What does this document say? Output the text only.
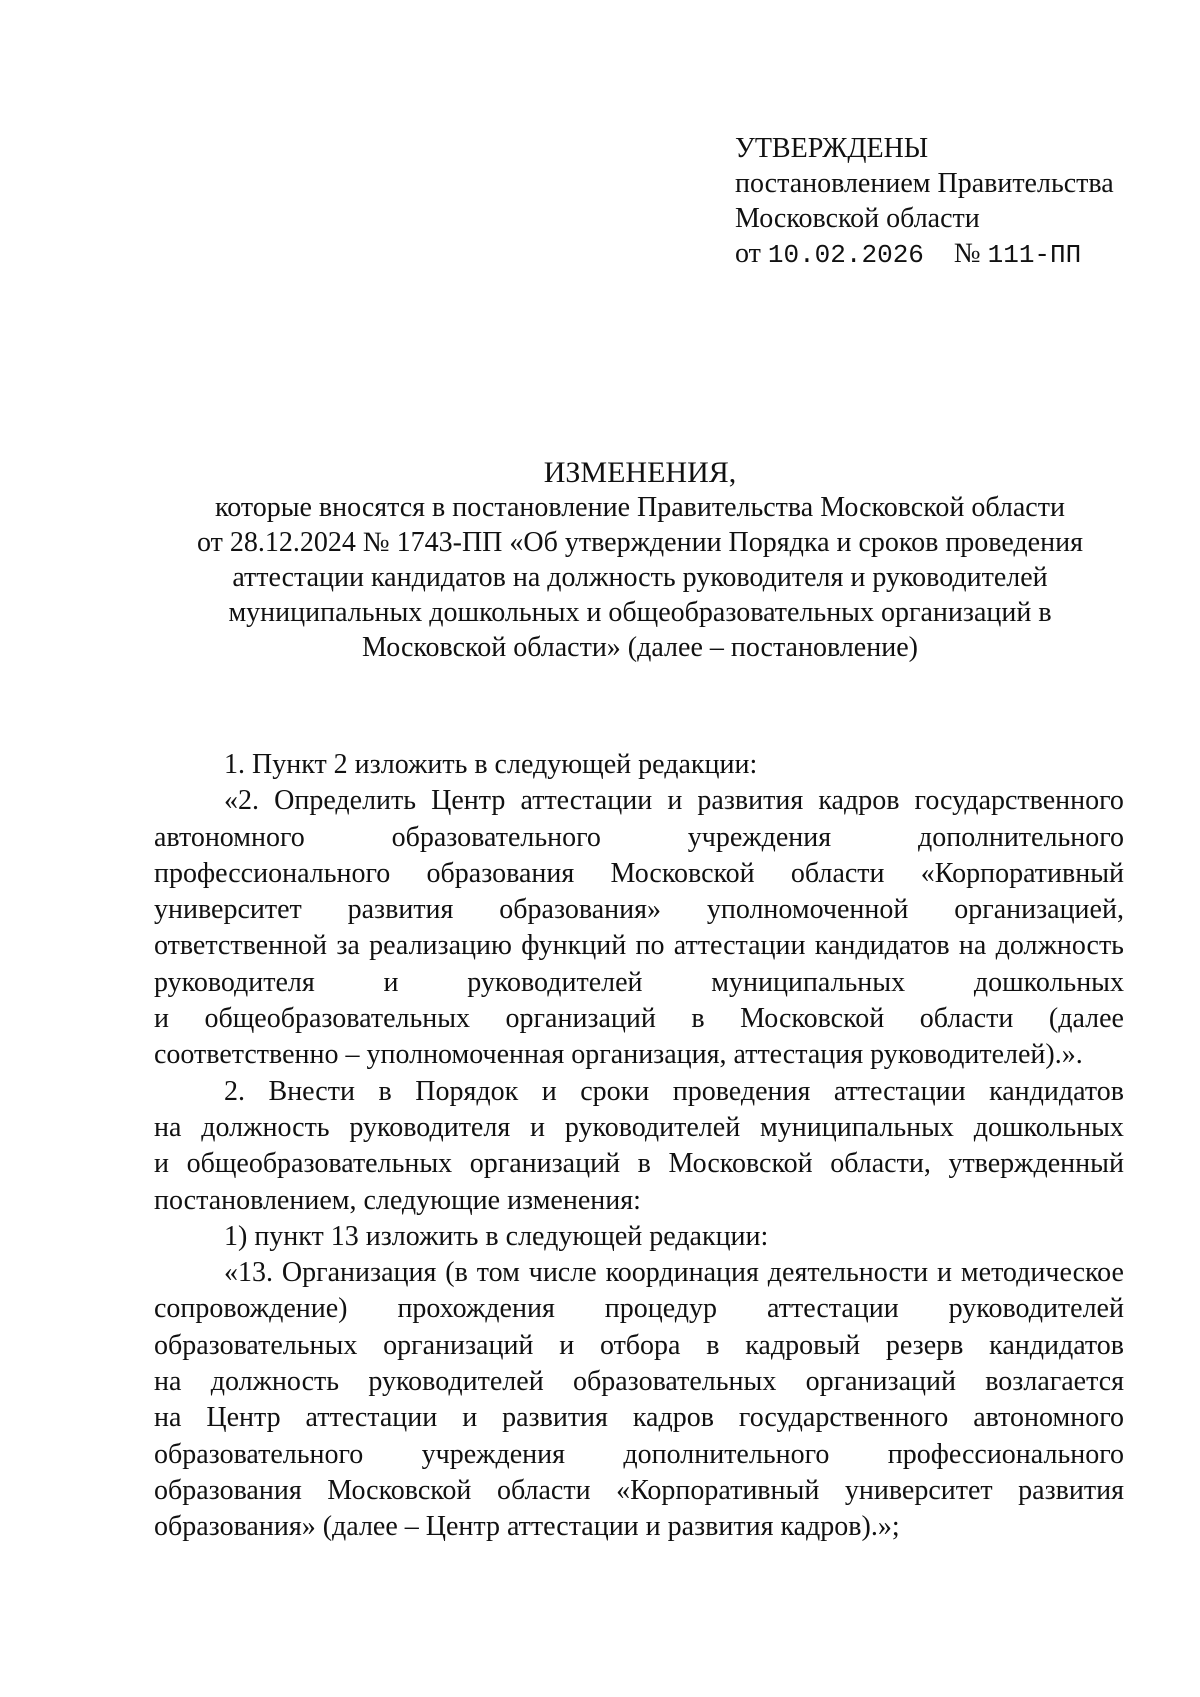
УТВЕРЖДЕНЫ
постановлением Правительства
Московской области
от 10.02.2026 № 111-ПП
ИЗМЕНЕНИЯ,
которые вносятся в постановление Правительства Московской области
от 28.12.2024 № 1743-ПП «Об утверждении Порядка и сроков проведения
аттестации кандидатов на должность руководителя и руководителей
муниципальных дошкольных и общеобразовательных организаций в
Московской области» (далее – постановление)
1. Пункт 2 изложить в следующей редакции:
«2. Определить Центр аттестации и развития кадров государственного
автономного	образовательного	учреждения	дополнительного
профессионального образования Московской области «Корпоративный
университет развития образования» уполномоченной организацией,
ответственной за реализацию функций по аттестации кандидатов на должность
руководителя и руководителей муниципальных дошкольных
и общеобразовательных организаций в Московской области (далее
соответственно – уполномоченная организация, аттестация руководителей).».
2. Внести в Порядок и сроки проведения аттестации кандидатов
на должность руководителя и руководителей муниципальных дошкольных
и общеобразовательных организаций в Московской области, утвержденный
постановлением, следующие изменения:
1) пункт 13 изложить в следующей редакции:
«13. Организация (в том числе координация деятельности и методическое
сопровождение) прохождения процедур аттестации руководителей
образовательных организаций и отбора в кадровый резерв кандидатов
на должность руководителей образовательных организаций возлагается
на Центр аттестации и развития кадров государственного автономного
образовательного учреждения дополнительного профессионального
образования Московской области «Корпоративный университет развития
образования» (далее – Центр аттестации и развития кадров).»;
